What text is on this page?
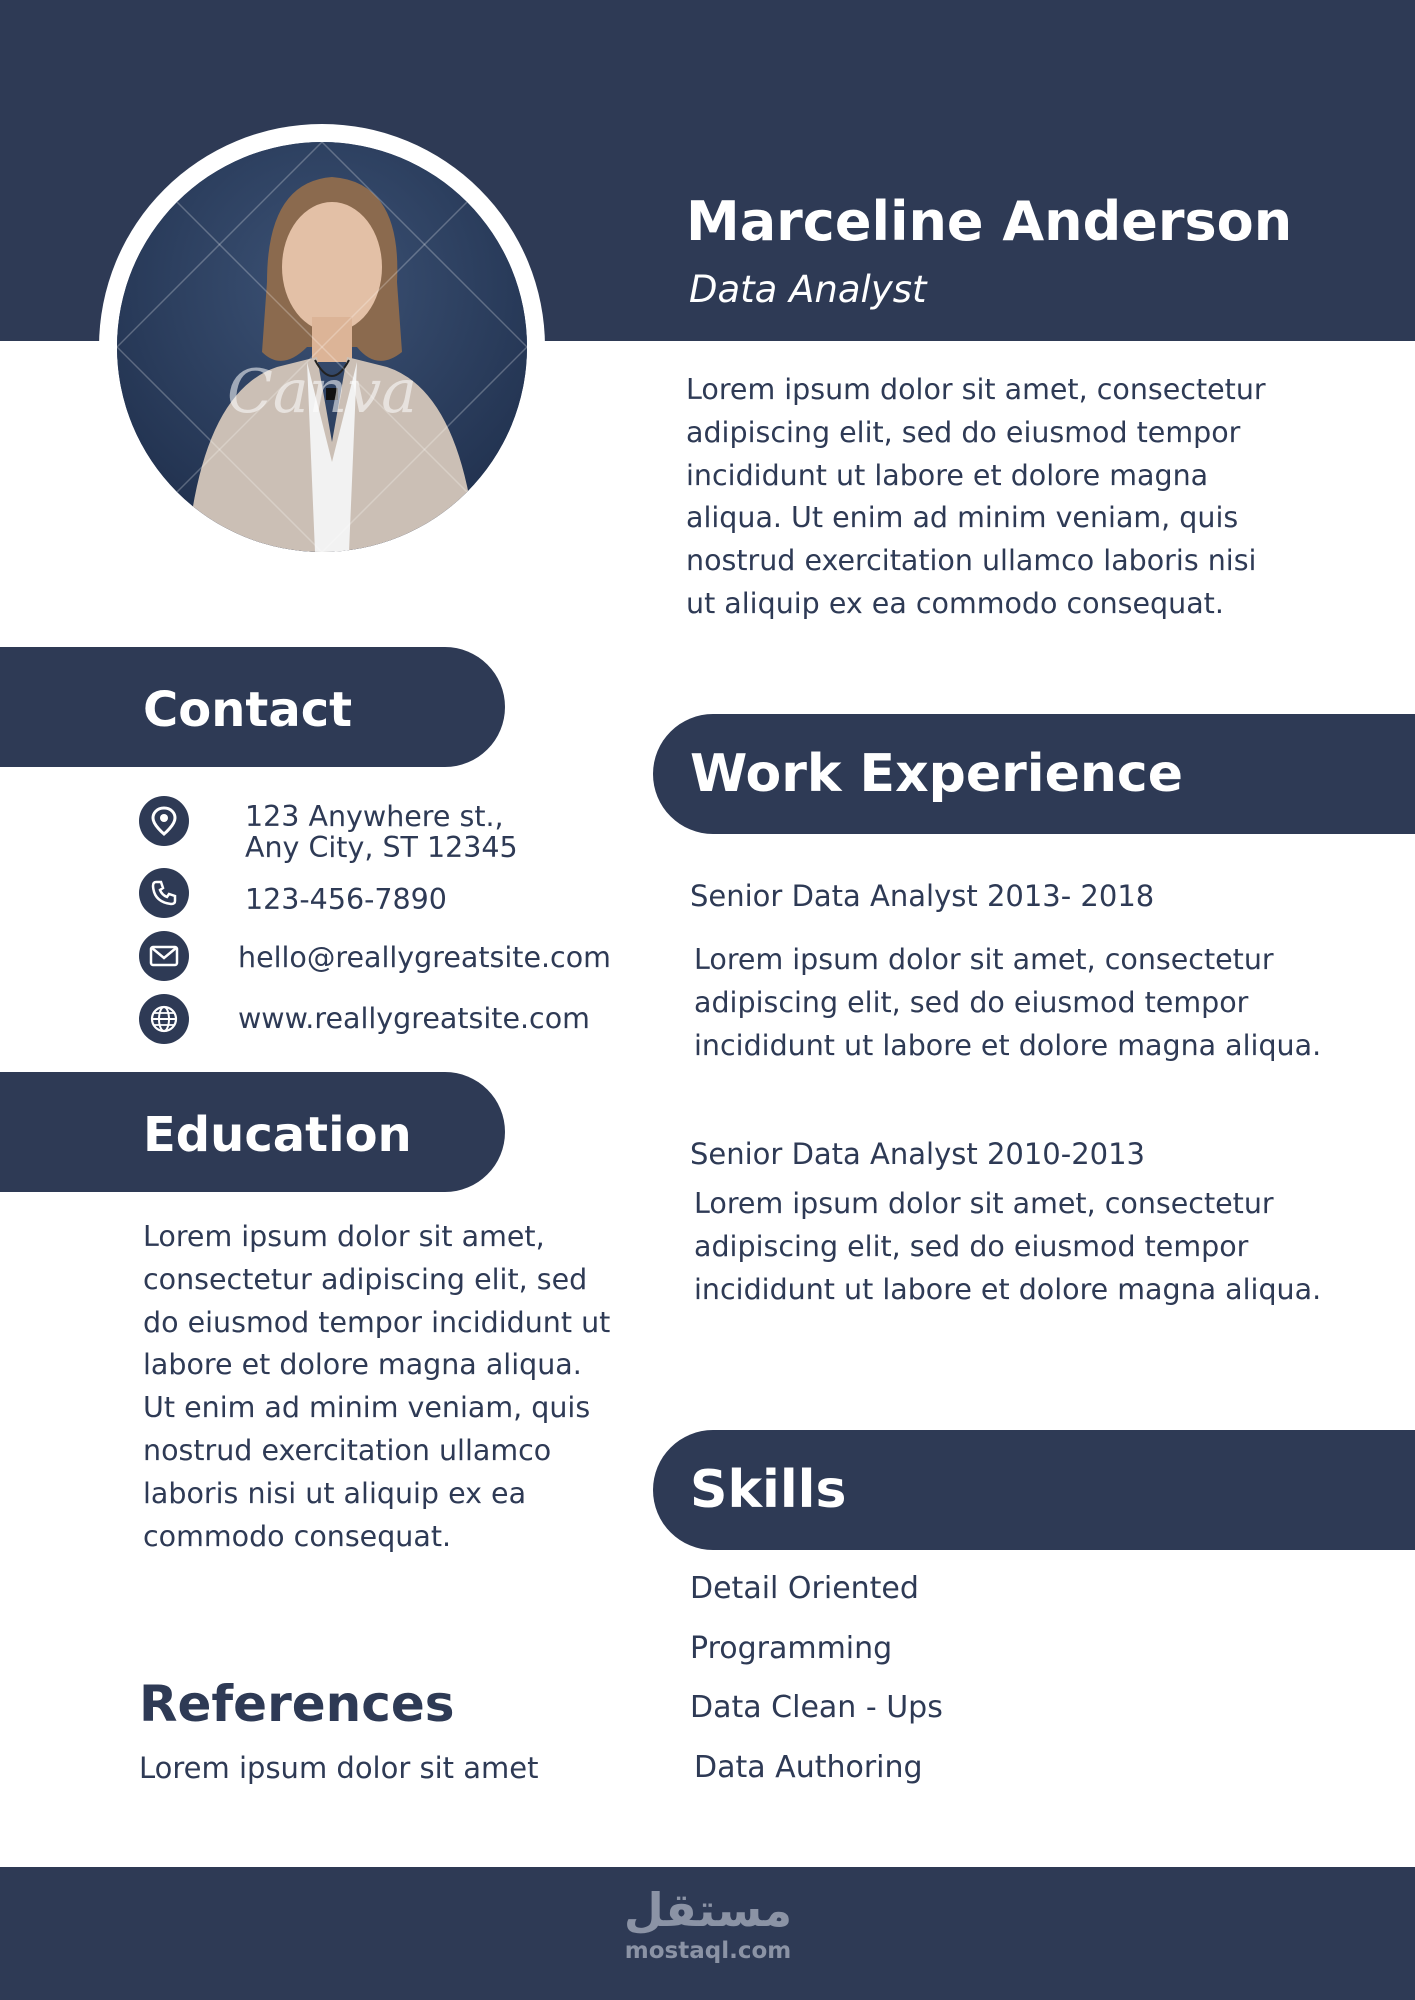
Canva
Marceline Anderson
Data Analyst
Lorem ipsum dolor sit amet, consectetur adipiscing elit, sed do eiusmod tempor incididunt ut labore et dolore magna aliqua. Ut enim ad minim veniam, quis nostrud exercitation ullamco laboris nisi ut aliquip ex ea commodo consequat.
Contact
123 Anywhere st.,
Any City, ST 12345
123-456-7890
hello@reallygreatsite.com
www.reallygreatsite.com
Education
Lorem ipsum dolor sit amet, consectetur adipiscing elit, sed do eiusmod tempor incididunt ut labore et dolore magna aliqua. Ut enim ad minim veniam, quis nostrud exercitation ullamco laboris nisi ut aliquip ex ea commodo consequat.
References
Lorem ipsum dolor sit amet
Work Experience
Senior Data Analyst 2013- 2018
Lorem ipsum dolor sit amet, consectetur adipiscing elit, sed do eiusmod tempor incididunt ut labore et dolore magna aliqua.
Senior Data Analyst 2010-2013
Lorem ipsum dolor sit amet, consectetur adipiscing elit, sed do eiusmod tempor incididunt ut labore et dolore magna aliqua.
Skills
Detail Oriented
Programming
Data Clean - Ups
Data Authoring
مستقل
mostaql.com
